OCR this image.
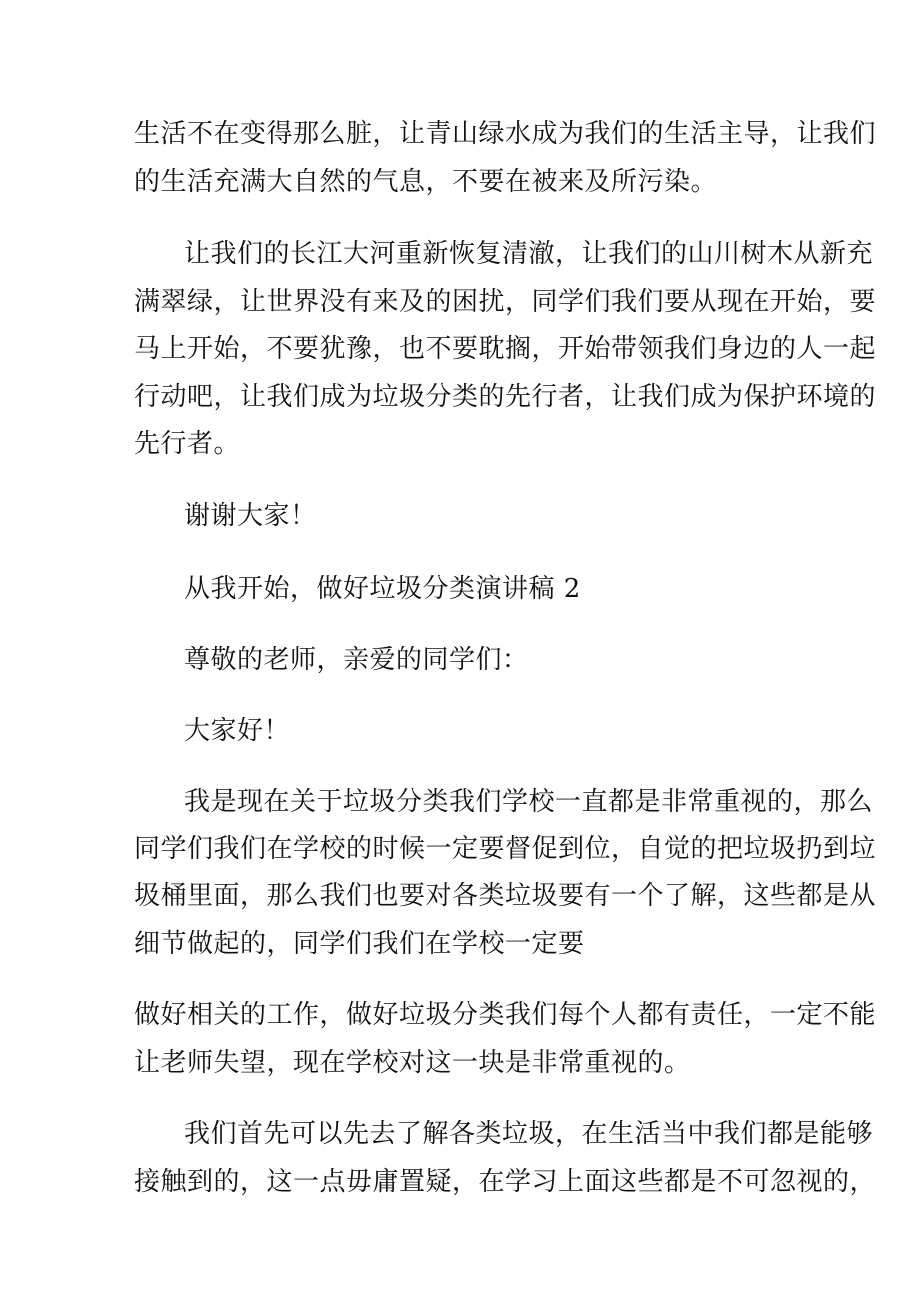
生活不在变得那么脏，让青山绿水成为我们的生活主导，让我们
的生活充满大自然的气息，不要在被来及所污染。
让我们的长江大河重新恢复清澈，让我们的山川树木从新充
满翠绿，让世界没有来及的困扰，同学们我们要从现在开始，要
马上开始，不要犹豫，也不要耽搁，开始带领我们身边的人一起
行动吧，让我们成为垃圾分类的先行者，让我们成为保护环境的
先行者。
谢谢大家！
从我开始，做好垃圾分类演讲稿 2
尊敬的老师，亲爱的同学们：
大家好！
我是现在关于垃圾分类我们学校一直都是非常重视的，那么
同学们我们在学校的时候一定要督促到位，自觉的把垃圾扔到垃
圾桶里面，那么我们也要对各类垃圾要有一个了解，这些都是从
细节做起的，同学们我们在学校一定要
做好相关的工作，做好垃圾分类我们每个人都有责任，一定不能
让老师失望，现在学校对这一块是非常重视的。
我们首先可以先去了解各类垃圾，在生活当中我们都是能够
接触到的，这一点毋庸置疑，在学习上面这些都是不可忽视的，
